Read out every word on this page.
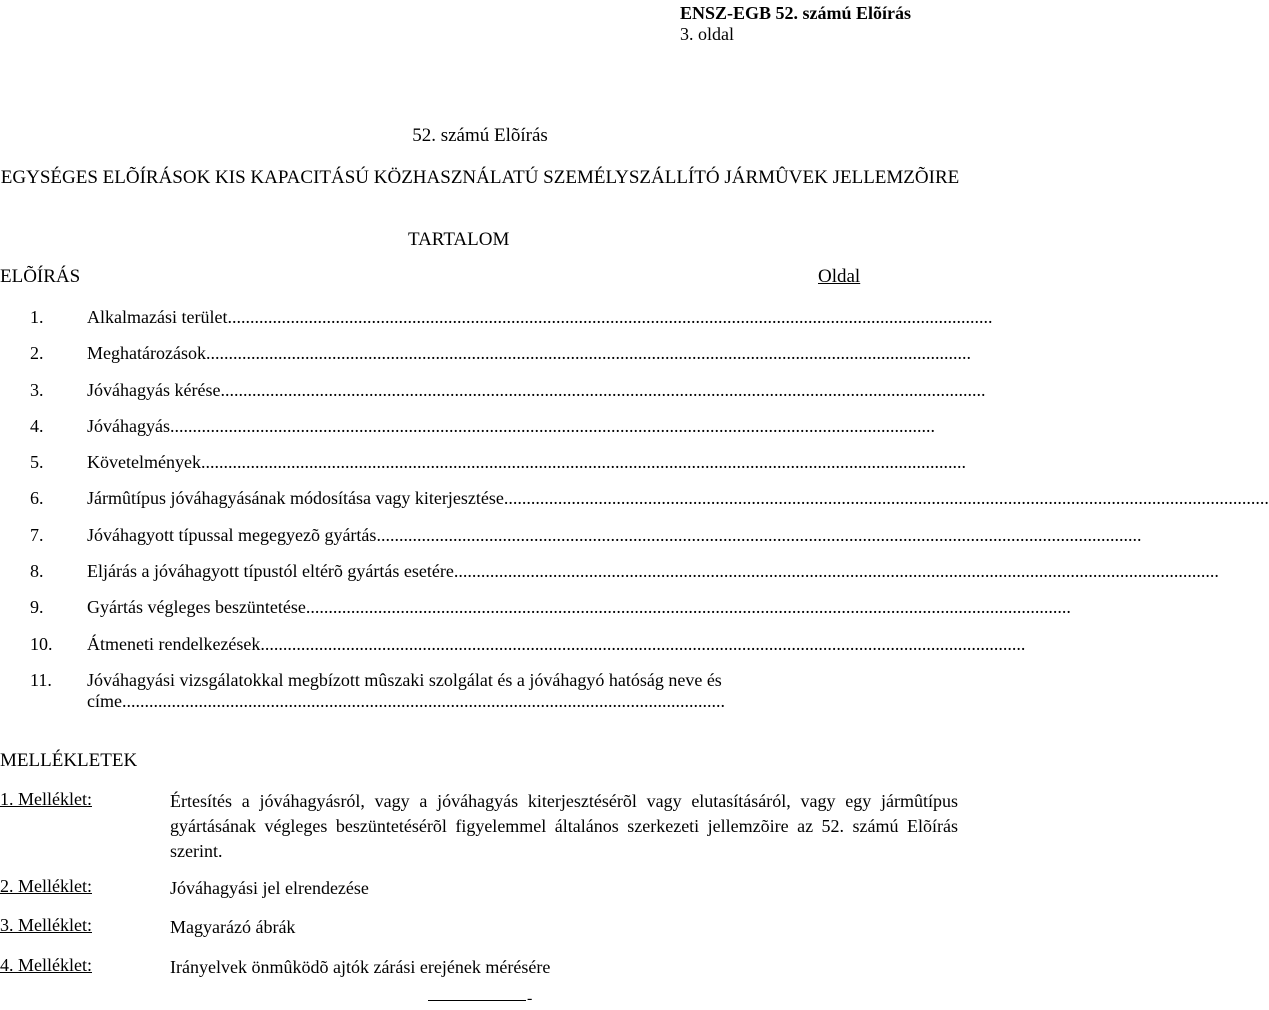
ENSZ-EGB 52. számú Elõírás
3. oldal
52. számú Elõírás
EGYSÉGES ELÕÍRÁSOK KIS KAPACITÁSÚ KÖZHASZNÁLATÚ SZEMÉLYSZÁLLÍTÓ JÁRMÛVEK JELLEMZÕIRE
TARTALOM
ELÕÍRÁS	Oldal
1.	Alkalmazási terület..........................................................................................................................................................................
2.	Meghatározások..........................................................................................................................................................................
3.	Jóváhagyás kérése..........................................................................................................................................................................
4.	Jóváhagyás..........................................................................................................................................................................
5.	Követelmények..........................................................................................................................................................................
6.	Jármûtípus jóváhagyásának módosítása vagy kiterjesztése..........................................................................................................................................................................
7.	Jóváhagyott típussal megegyezõ gyártás..........................................................................................................................................................................
8.	Eljárás a jóváhagyott típustól eltérõ gyártás esetére..........................................................................................................................................................................
9.	Gyártás végleges beszüntetése..........................................................................................................................................................................
10.	Átmeneti rendelkezések..........................................................................................................................................................................
11.	Jóváhagyási vizsgálatokkal megbízott mûszaki szolgálat és a jóváhagyó hatóság neve és címe......................................................................................................................................
MELLÉKLETEK
1. Melléklet:	Értesítés a jóváhagyásról, vagy a jóváhagyás kiterjesztésérõl vagy elutasításáról, vagy egy jármûtípus gyártásának végleges beszüntetésérõl figyelemmel általános szerkezeti jellemzõire az 52. számú Elõírás szerint.
2. Melléklet:	Jóváhagyási jel elrendezése
3. Melléklet:	Magyarázó ábrák
4. Melléklet:	Irányelvek önmûködõ ajtók zárási erejének mérésére
-
